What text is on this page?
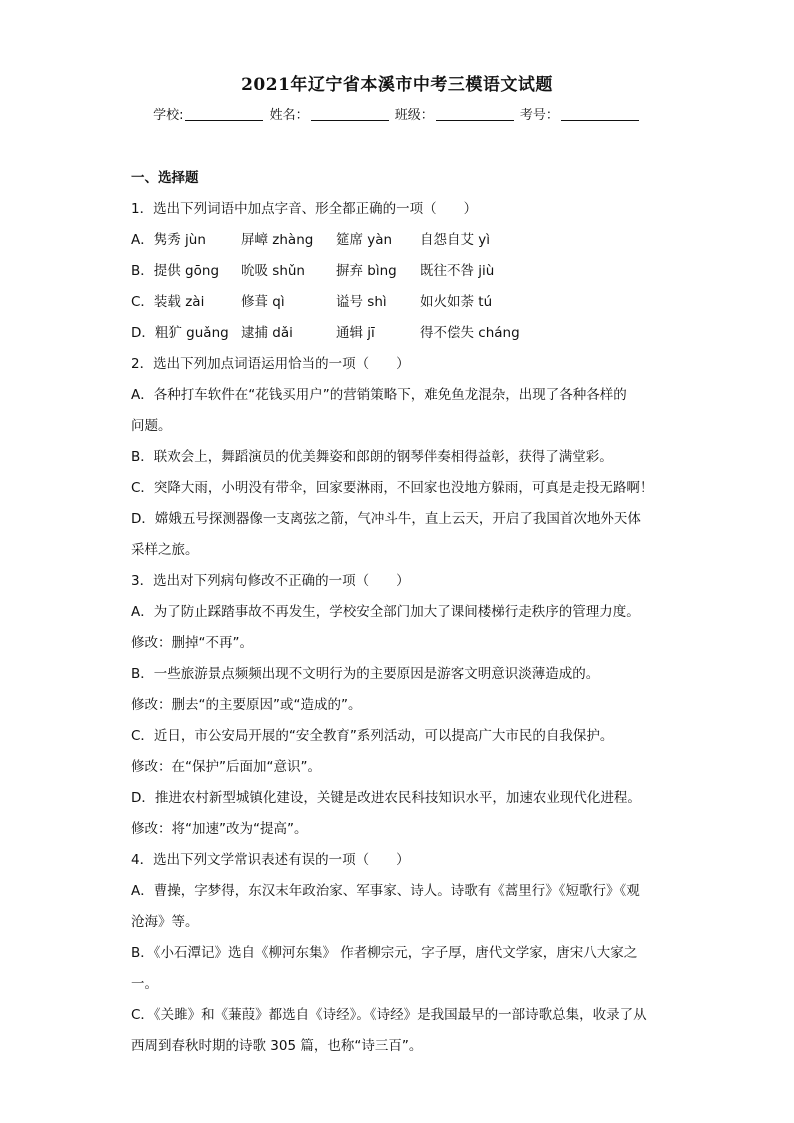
2021年辽宁省本溪市中考三模语文试题
学校:	姓名：	班级：	考号：
一、选择题
1．选出下列词语中加点字音、形全都正确的一项（　　）
A．隽秀 jùn	屏嶂 zhàng	筵席 yàn	自怨自艾 yì
B．提供 gōng	吮吸 shǔn	摒弃 bìng	既往不咎 jiù
C．装载 zài	修葺 qì	谥号 shì	如火如荼 tú
D．粗犷 guǎng 逮捕 dǎi	通辑 jī	得不偿失 cháng
2．选出下列加点词语运用恰当的一项（　　）
A．各种打车软件在“花钱买用户”的营销策略下，难免鱼龙混杂，出现了各种各样的
问题。
B．联欢会上，舞蹈演员的优美舞姿和郎朗的钢琴伴奏相得益彰，获得了满堂彩。
C．突降大雨，小明没有带伞，回家要淋雨，不回家也没地方躲雨，可真是走投无路啊！
D．嫦娥五号探测器像一支离弦之箭，气冲斗牛，直上云天，开启了我国首次地外天体
采样之旅。
3．选出对下列病句修改不正确的一项（　　）
A．为了防止踩踏事故不再发生，学校安全部门加大了课间楼梯行走秩序的管理力度。
修改：删掉“不再”。
B．一些旅游景点频频出现不文明行为的主要原因是游客文明意识淡薄造成的。
修改：删去“的主要原因”或“造成的”。
C．近日，市公安局开展的“安全教育”系列活动，可以提高广大市民的自我保护。
修改：在“保护”后面加“意识”。
D．推进农村新型城镇化建设，关键是改进农民科技知识水平，加速农业现代化进程。
修改：将“加速”改为“提高”。
4．选出下列文学常识表述有误的一项（　　）
A．曹操，字梦得，东汉末年政治家、军事家、诗人。诗歌有《蒿里行》《短歌行》《观
沧海》等。
B．《小石潭记》选自《柳河东集》 作者柳宗元，字子厚，唐代文学家，唐宋八大家之
一。
C．《关雎》和《蒹葭》都选自《诗经》。《诗经》是我国最早的一部诗歌总集，收录了从
西周到春秋时期的诗歌 305 篇，也称“诗三百”。
